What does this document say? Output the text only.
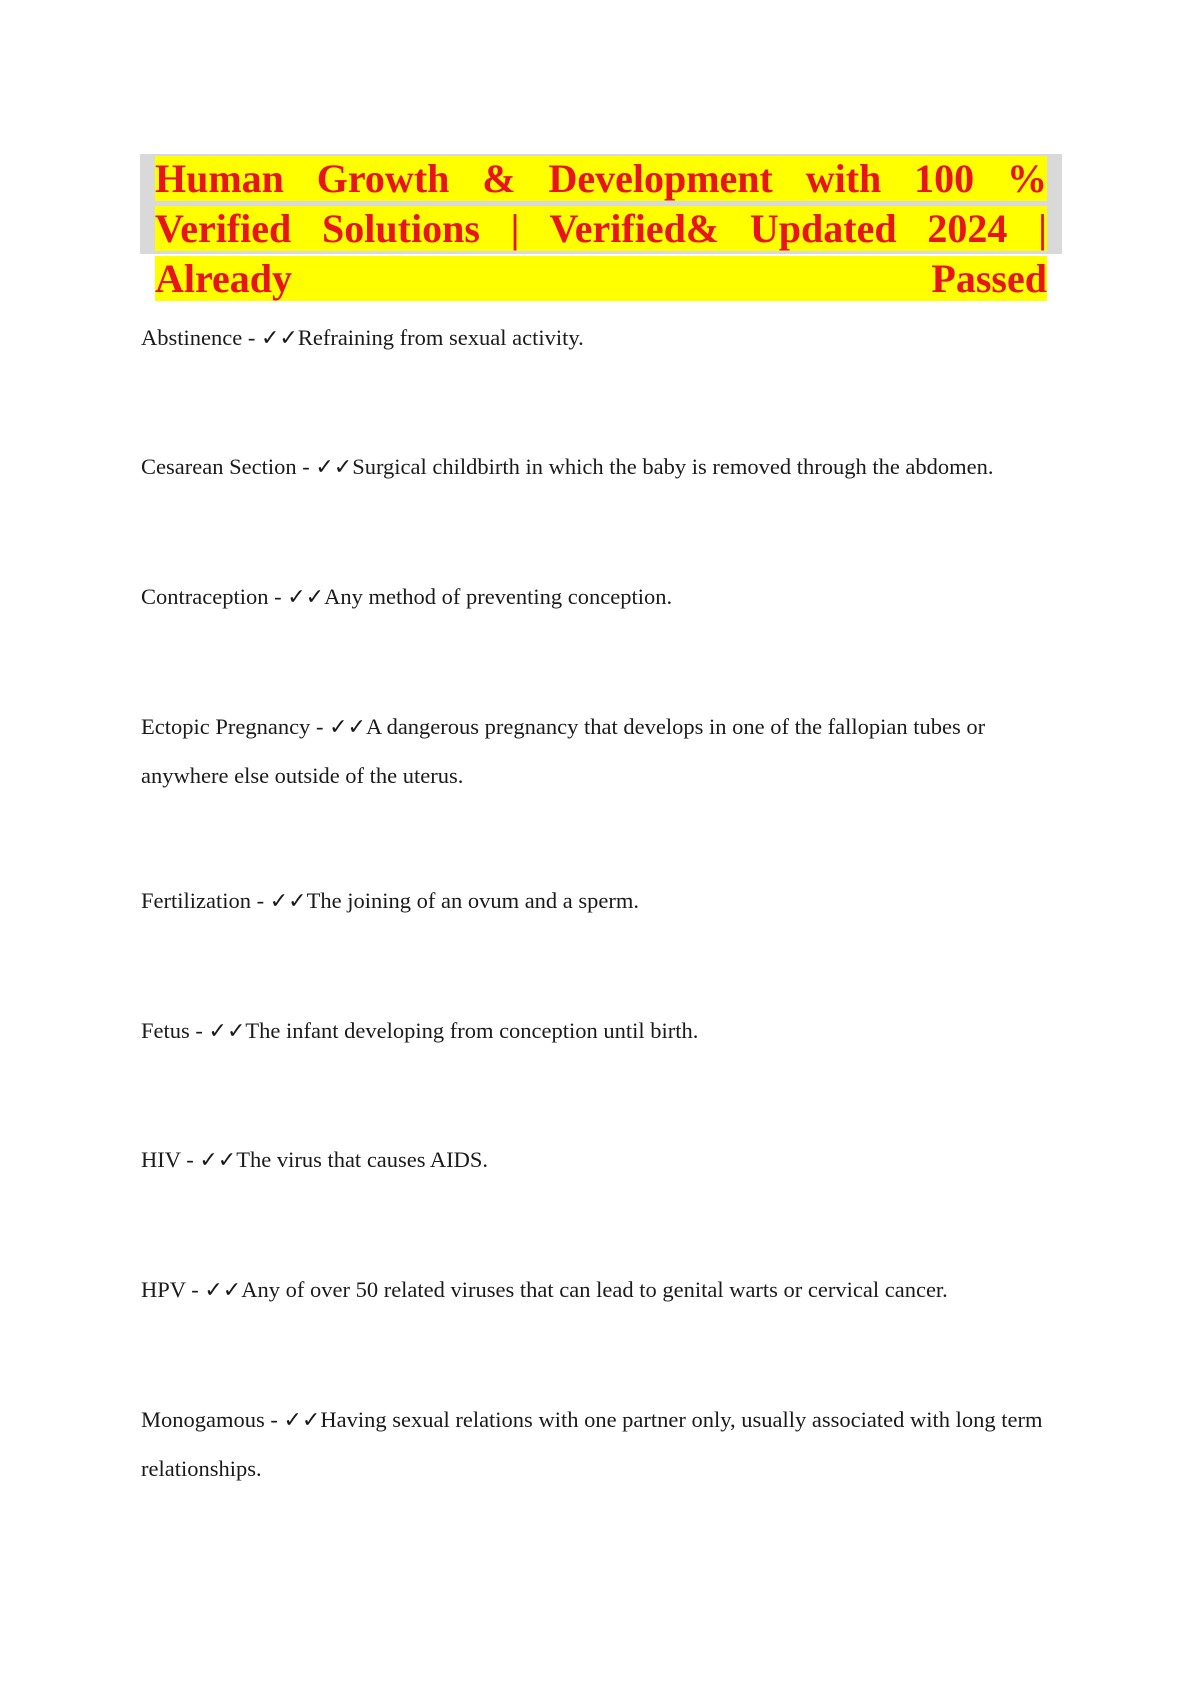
Human Growth & Development with 100 % Verified Solutions | Verified& Updated 2024 | Already Passed

Abstinence - ✓✓Refraining from sexual activity.

Cesarean Section - ✓✓Surgical childbirth in which the baby is removed through the abdomen.

Contraception - ✓✓Any method of preventing conception.

Ectopic Pregnancy - ✓✓A dangerous pregnancy that develops in one of the fallopian tubes or anywhere else outside of the uterus.

Fertilization - ✓✓The joining of an ovum and a sperm.

Fetus - ✓✓The infant developing from conception until birth.

HIV - ✓✓The virus that causes AIDS.

HPV - ✓✓Any of over 50 related viruses that can lead to genital warts or cervical cancer.

Monogamous - ✓✓Having sexual relations with one partner only, usually associated with long term relationships.
